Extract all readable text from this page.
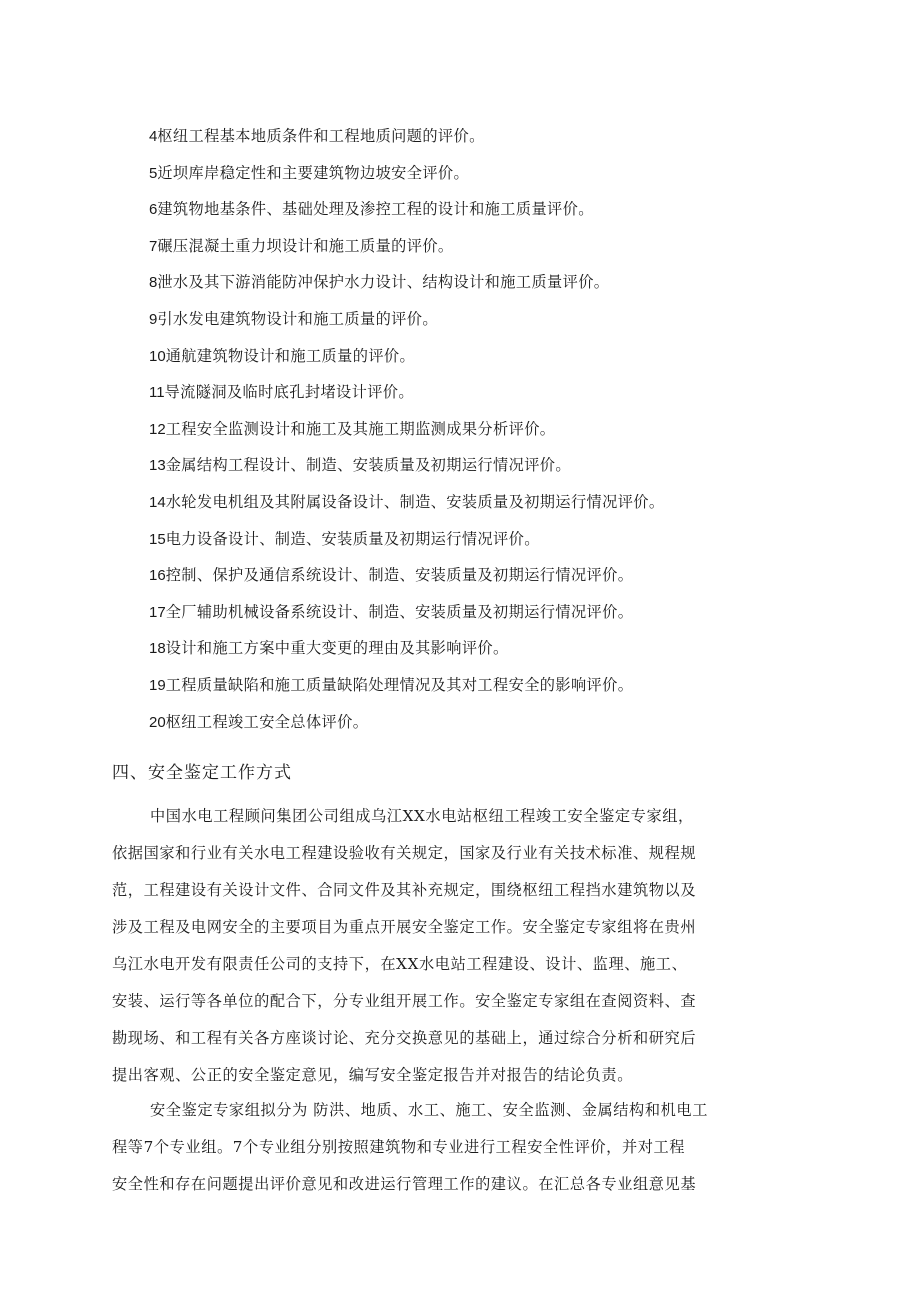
4枢纽工程基本地质条件和工程地质问题的评价。
5近坝库岸稳定性和主要建筑物边坡安全评价。
6建筑物地基条件、基础处理及渗控工程的设计和施工质量评价。
7碾压混凝土重力坝设计和施工质量的评价。
8泄水及其下游消能防冲保护水力设计、结构设计和施工质量评价。
9引水发电建筑物设计和施工质量的评价。
10通航建筑物设计和施工质量的评价。
11导流隧洞及临时底孔封堵设计评价。
12工程安全监测设计和施工及其施工期监测成果分析评价。
13金属结构工程设计、制造、安装质量及初期运行情况评价。
14水轮发电机组及其附属设备设计、制造、安装质量及初期运行情况评价。
15电力设备设计、制造、安装质量及初期运行情况评价。
16控制、保护及通信系统设计、制造、安装质量及初期运行情况评价。
17全厂辅助机械设备系统设计、制造、安装质量及初期运行情况评价。
18设计和施工方案中重大变更的理由及其影响评价。
19工程质量缺陷和施工质量缺陷处理情况及其对工程安全的影响评价。
20枢纽工程竣工安全总体评价。
四、安全鉴定工作方式

中国水电工程顾问集团公司组成乌江XX水电站枢纽工程竣工安全鉴定专家组，
依据国家和行业有关水电工程建设验收有关规定，国家及行业有关技术标准、规程规
范，工程建设有关设计文件、合同文件及其补充规定，围绕枢纽工程挡水建筑物以及
涉及工程及电网安全的主要项目为重点开展安全鉴定工作。安全鉴定专家组将在贵州
乌江水电开发有限责任公司的支持下，在XX水电站工程建设、设计、监理、施工、
安装、运行等各单位的配合下，分专业组开展工作。安全鉴定专家组在查阅资料、查
勘现场、和工程有关各方座谈讨论、充分交换意见的基础上，通过综合分析和研究后
提出客观、公正的安全鉴定意见，编写安全鉴定报告并对报告的结论负责。

安全鉴定专家组拟分为 防洪、地质、水工、施工、安全监测、金属结构和机电工
程等7个专业组。7个专业组分别按照建筑物和专业进行工程安全性评价，并对工程
安全性和存在问题提出评价意见和改进运行管理工作的建议。在汇总各专业组意见基
